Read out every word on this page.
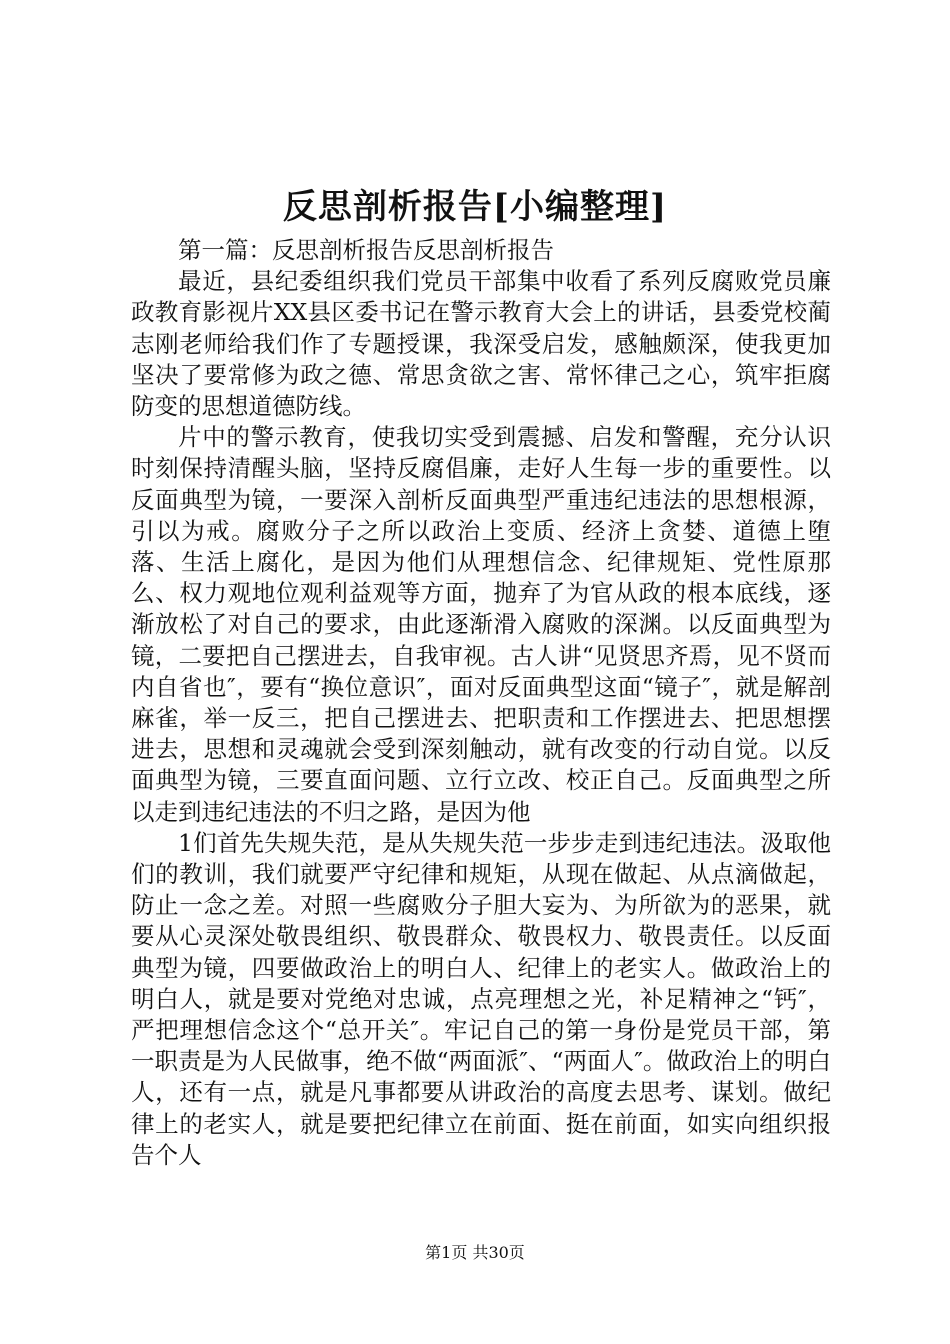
反思剖析报告[小编整理]

第一篇：反思剖析报告反思剖析报告

最近，县纪委组织我们党员干部集中收看了系列反腐败党员廉政教育影视片XX县区委书记在警示教育大会上的讲话，县委党校蔺志刚老师给我们作了专题授课，我深受启发，感触颇深，使我更加坚决了要常修为政之德、常思贪欲之害、常怀律己之心，筑牢拒腐防变的思想道德防线。

片中的警示教育，使我切实受到震撼、启发和警醒，充分认识时刻保持清醒头脑，坚持反腐倡廉，走好人生每一步的重要性。以反面典型为镜，一要深入剖析反面典型严重违纪违法的思想根源，引以为戒。腐败分子之所以政治上变质、经济上贪婪、道德上堕落、生活上腐化，是因为他们从理想信念、纪律规矩、党性原那么、权力观地位观利益观等方面，抛弃了为官从政的根本底线，逐渐放松了对自己的要求，由此逐渐滑入腐败的深渊。以反面典型为镜，二要把自己摆进去，自我审视。古人讲“见贤思齐焉，见不贤而内自省也″，要有“换位意识″，面对反面典型这面“镜子″，就是解剖麻雀，举一反三，把自己摆进去、把职责和工作摆进去、把思想摆进去，思想和灵魂就会受到深刻触动，就有改变的行动自觉。以反面典型为镜，三要直面问题、立行立改、校正自己。反面典型之所以走到违纪违法的不归之路，是因为他

1们首先失规失范，是从失规失范一步步走到违纪违法。汲取他们的教训，我们就要严守纪律和规矩，从现在做起、从点滴做起，防止一念之差。对照一些腐败分子胆大妄为、为所欲为的恶果，就要从心灵深处敬畏组织、敬畏群众、敬畏权力、敬畏责任。以反面典型为镜，四要做政治上的明白人、纪律上的老实人。做政治上的明白人，就是要对党绝对忠诚，点亮理想之光，补足精神之“钙″，严把理想信念这个“总开关″。牢记自己的第一身份是党员干部，第一职责是为人民做事，绝不做“两面派″、“两面人″。做政治上的明白人，还有一点，就是凡事都要从讲政治的高度去思考、谋划。做纪律上的老实人，就是要把纪律立在前面、挺在前面，如实向组织报告个人

第1页 共30页
